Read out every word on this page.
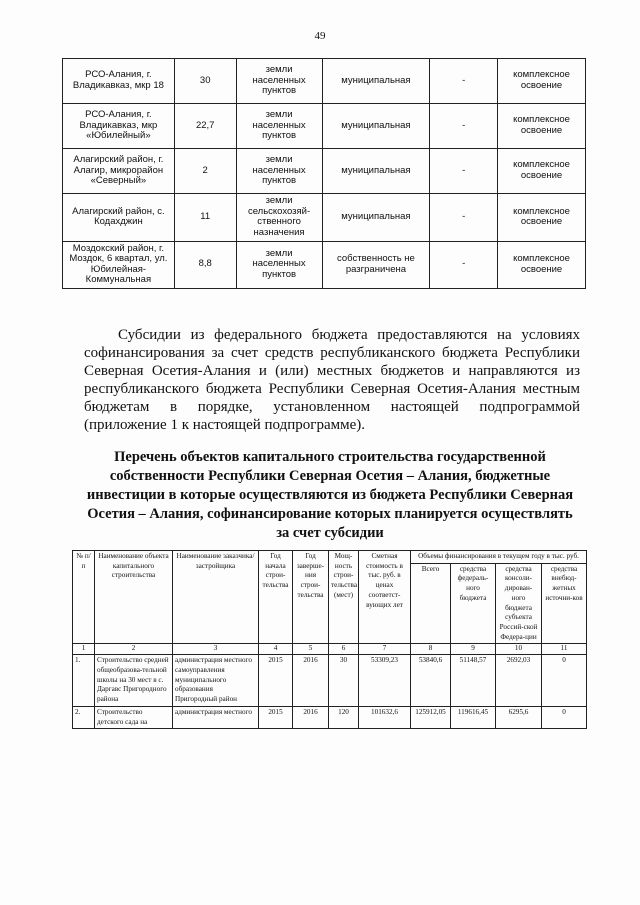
49
РСО-Алания, г. Владикавказ, мкр 18	30	земли населенных пунктов	муниципальная	-	комплексное освоение
РСО-Алания, г. Владикавказ, мкр «Юбилейный»	22,7	земли населенных пунктов	муниципальная	-	комплексное освоение
Алагирский район, г. Алагир, микрорайон «Северный»	2	земли населенных пунктов	муниципальная	-	комплексное освоение
Алагирский район, с. Кодахджин	11	земли сельскохозяй-ственного назначения	муниципальная	-	комплексное освоение
Моздокский район, г. Моздок, 6 квартал, ул. Юбилейная-Коммунальная	8,8	земли населенных пунктов	собственность не разграничена	-	комплексное освоение

Субсидии из федерального бюджета предоставляются на условиях софинансирования за счет средств республиканского бюджета Республики Северная Осетия-Алания и (или) местных бюджетов и направляются из республиканского бюджета Республики Северная Осетия-Алания местным бюджетам в порядке, установленном настоящей подпрограммой (приложение 1 к настоящей подпрограмме).

Перечень объектов капитального строительства государственной собственности Республики Северная Осетия – Алания, бюджетные инвестиции в которые осуществляются из бюджета Республики Северная Осетия – Алания, софинансирование которых планируется осуществлять за счет субсидии

№ п/п	Наименование объекта капитального строительства	Наименование заказчика/ застройщика	Год начала строи-тельства	Год заверше-ния строи-тельства	Мощ-ность строи-тельства (мест)	Сметная стоимость в тыс. руб. в ценах соответст-вующих лет	Объемы финансирования в текущем году в тыс. руб.			
							Всего	средства федераль-ного бюджета	средства консоли-дирован-ного бюджета субъекта Россий-ской Федера-ции	средства внебюд-жетных источни-ков
1	2	3	4	5	6	7	8	9	10	11
1.	Строительство средней общеобразова-тельной школы на 30 мест в с. Даргавс Пригородного района	администрация местного самоуправления муниципального образования Пригородный район	2015	2016	30	53309,23	53840,6	51148,57	2692,03	0
2.	Строительство детского сада на	администрация местного	2015	2016	120	101632,6	125912,05	119616,45	6295,6	0
